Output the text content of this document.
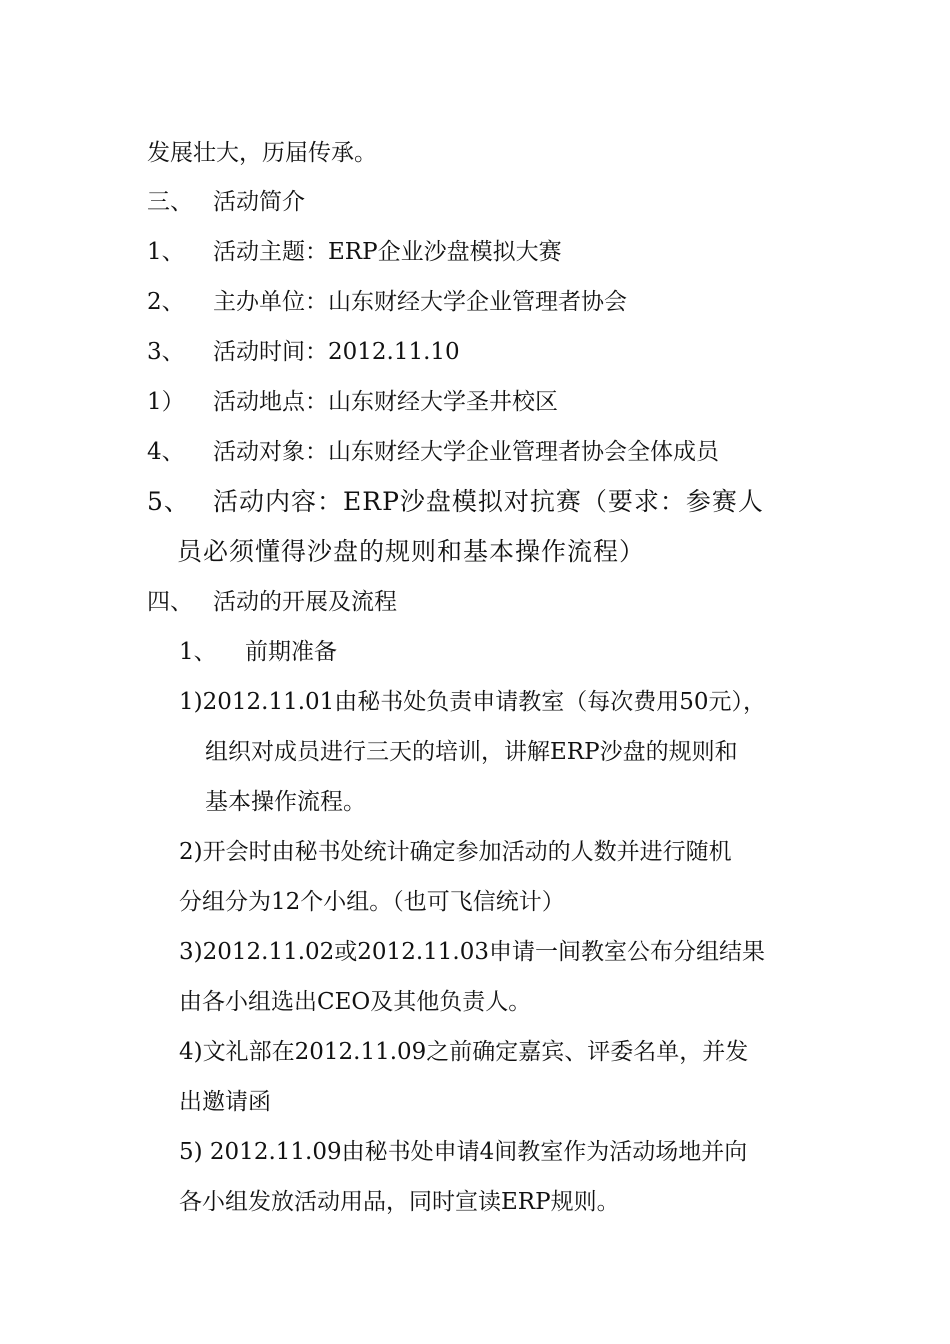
发展壮大，历届传承。
三、 活动简介
1、 活动主题：ERP企业沙盘模拟大赛
2、 主办单位：山东财经大学企业管理者协会
3、 活动时间：2012.11.10
1） 活动地点：山东财经大学圣井校区
4、 活动对象：山东财经大学企业管理者协会全体成员
5、 活动内容：ERP沙盘模拟对抗赛（要求：参赛人
员必须懂得沙盘的规则和基本操作流程）
四、 活动的开展及流程
1、 前期准备
1)2012.11.01由秘书处负责申请教室（每次费用50元），
组织对成员进行三天的培训，讲解ERP沙盘的规则和
基本操作流程。
2)开会时由秘书处统计确定参加活动的人数并进行随机
分组分为12个小组。（也可飞信统计）
3)2012.11.02或2012.11.03申请一间教室公布分组结果
由各小组选出CEO及其他负责人。
4)文礼部在2012.11.09之前确定嘉宾、评委名单，并发
出邀请函
5) 2012.11.09由秘书处申请4间教室作为活动场地并向
各小组发放活动用品，同时宣读ERP规则。
